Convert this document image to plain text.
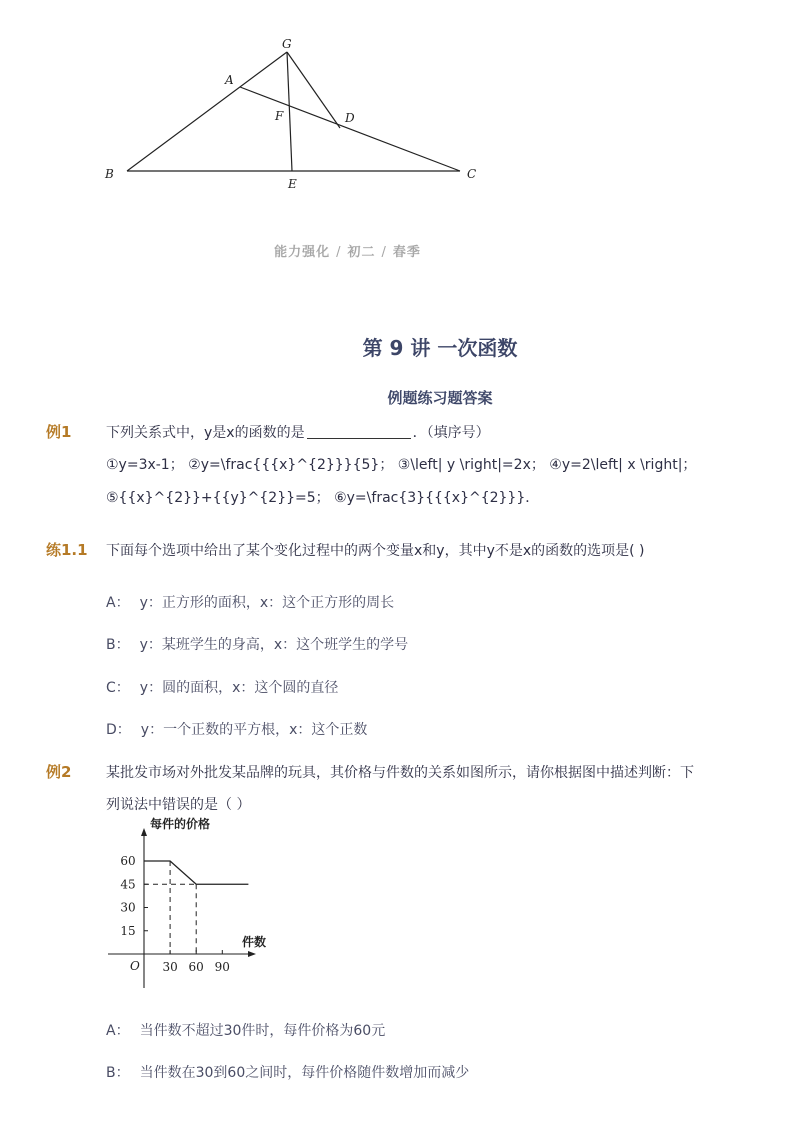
G
A
F	D
B
E
C
能力强化 / 初二 / 春季
第 9 讲 一次函数
例题练习题答案
例1 下列关系式中，y是x的函数的是	．（填序号）
①y=3x-1； ②y=\frac{{{x}^{2}}}{5}； ③\left| y \right|=2x； ④y=2\left| x \right|；
⑤{{x}^{2}}+{{y}^{2}}=5； ⑥y=\frac{3}{{{x}^{2}}}．
练1.1 下面每个选项中给出了某个变化过程中的两个变量x和y，其中y不是x的函数的选项是( )
A： y：正方形的面积，x：这个正方形的周长
B： y：某班学生的身高，x：这个班学生的学号
C： y：圆的面积，x：这个圆的直径
D： y：一个正数的平方根，x：这个正数
例2 某批发市场对外批发某品牌的玩具，其价格与件数的关系如图所示，请你根据图中描述判断：下
列说法中错误的是（ ）
每件的价格
件数
O
15
30
45
60
30 60 90
A： 当件数不超过30件时，每件价格为60元
B： 当件数在30到60之间时，每件价格随件数增加而减少
